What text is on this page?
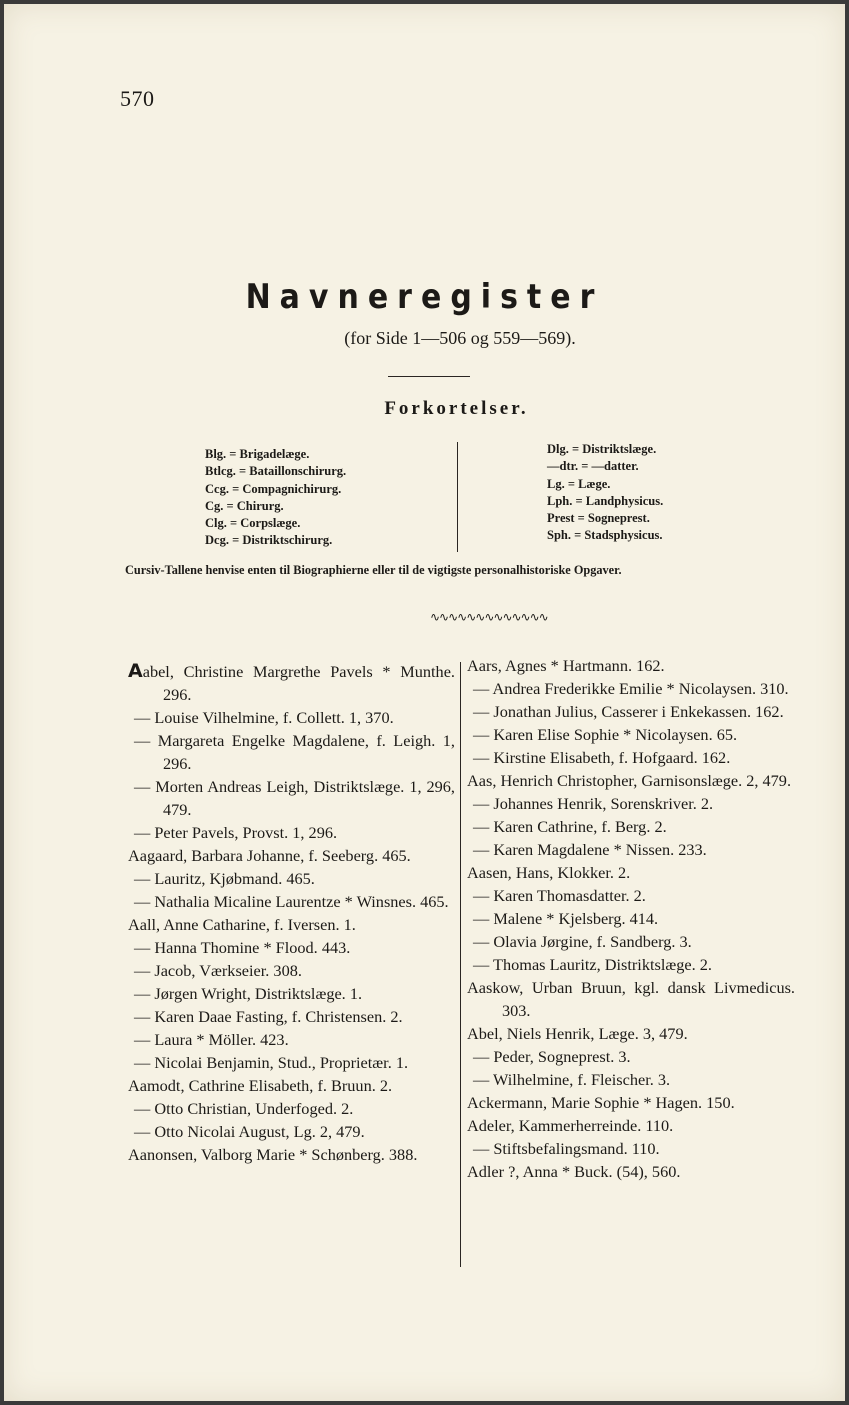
570
Navneregister
(for Side 1—506 og 559—569).
Forkortelser.
Blg. = Brigadelæge.
Btlcg. = Bataillonschirurg.
Ccg. = Compagnichirurg.
Cg. = Chirurg.
Clg. = Corpslæge.
Dcg. = Distriktschirurg.
Dlg. = Distriktslæge.
—dtr. = —datter.
Lg. = Læge.
Lph. = Landphysicus.
Prest = Sogneprest.
Sph. = Stadsphysicus.
Cursiv-Tallene henvise enten til Biographierne eller til de vigtigste personalhistoriske Opgaver.
∿∿∿∿∿∿∿∿∿∿∿∿∿
Aabel, Christine Margrethe Pavels * Munthe. 296.
— Louise Vilhelmine, f. Collett. 1, 370.
— Margareta Engelke Magdalene, f. Leigh. 1, 296.
— Morten Andreas Leigh, Distriktslæge. 1, 296, 479.
— Peter Pavels, Provst. 1, 296.
Aagaard, Barbara Johanne, f. Seeberg. 465.
— Lauritz, Kjøbmand. 465.
— Nathalia Micaline Laurentze * Winsnes. 465.
Aall, Anne Catharine, f. Iversen. 1.
— Hanna Thomine * Flood. 443.
— Jacob, Værkseier. 308.
— Jørgen Wright, Distriktslæge. 1.
— Karen Daae Fasting, f. Christensen. 2.
— Laura * Möller. 423.
— Nicolai Benjamin, Stud., Proprietær. 1.
Aamodt, Cathrine Elisabeth, f. Bruun. 2.
— Otto Christian, Underfoged. 2.
— Otto Nicolai August, Lg. 2, 479.
Aanonsen, Valborg Marie * Schønberg. 388.
Aars, Agnes * Hartmann. 162.
— Andrea Frederikke Emilie * Nicolaysen. 310.
— Jonathan Julius, Casserer i Enkekassen. 162.
— Karen Elise Sophie * Nicolaysen. 65.
— Kirstine Elisabeth, f. Hofgaard. 162.
Aas, Henrich Christopher, Garnisonslæge. 2, 479.
— Johannes Henrik, Sorenskriver. 2.
— Karen Cathrine, f. Berg. 2.
— Karen Magdalene * Nissen. 233.
Aasen, Hans, Klokker. 2.
— Karen Thomasdatter. 2.
— Malene * Kjelsberg. 414.
— Olavia Jørgine, f. Sandberg. 3.
— Thomas Lauritz, Distriktslæge. 2.
Aaskow, Urban Bruun, kgl. dansk Livmedicus. 303.
Abel, Niels Henrik, Læge. 3, 479.
— Peder, Sogneprest. 3.
— Wilhelmine, f. Fleischer. 3.
Ackermann, Marie Sophie * Hagen. 150.
Adeler, Kammerherreinde. 110.
— Stiftsbefalingsmand. 110.
Adler ?, Anna * Buck. (54), 560.
